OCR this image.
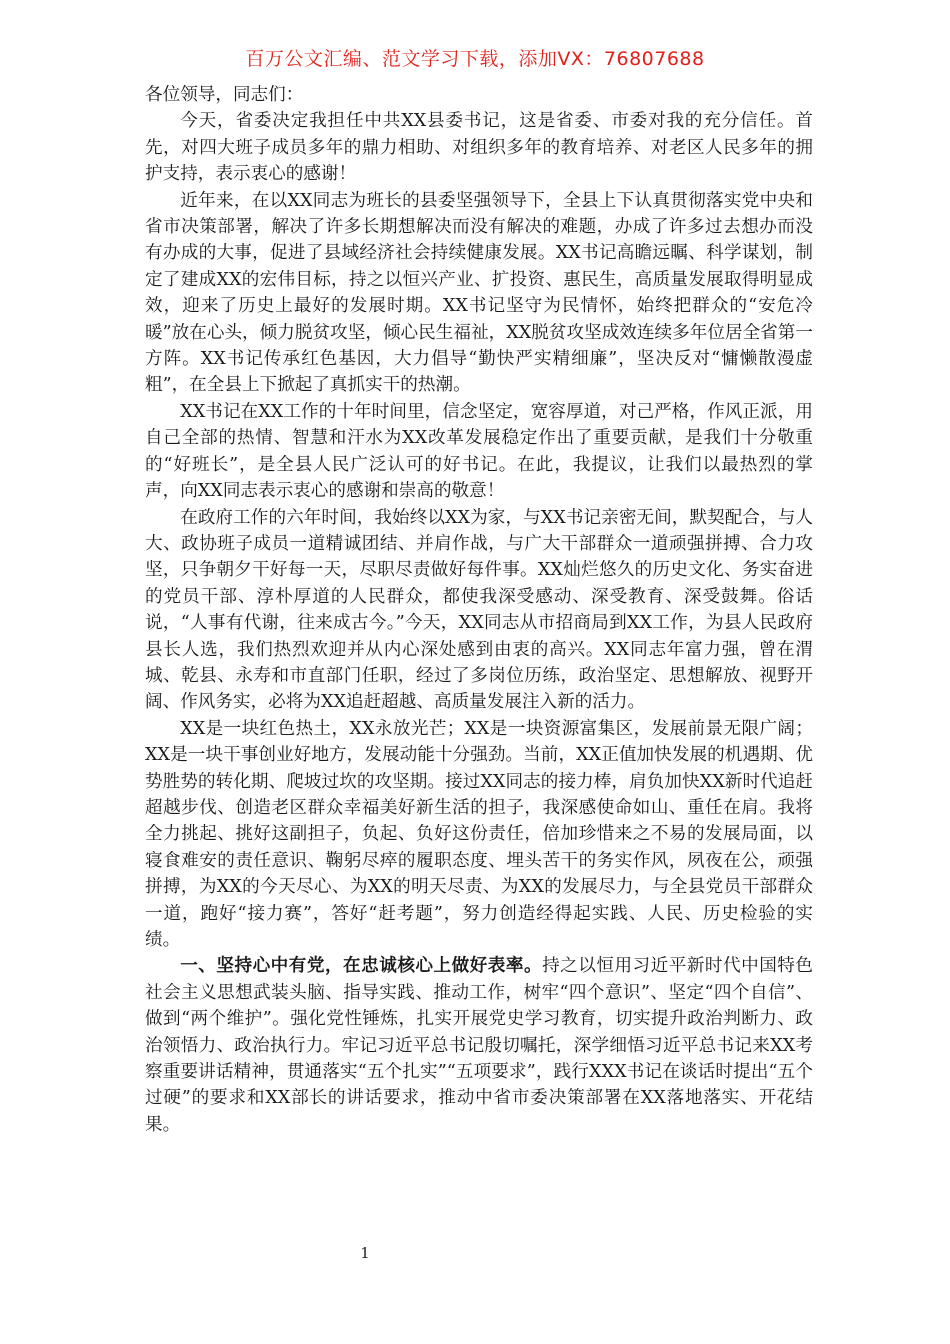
百万公文汇编、范文学习下载，添加VX：76807688

各位领导，同志们：

今天，省委决定我担任中共XX县委书记，这是省委、市委对我的充分信任。首先，对四大班子成员多年的鼎力相助、对组织多年的教育培养、对老区人民多年的拥护支持，表示衷心的感谢！

近年来，在以XX同志为班长的县委坚强领导下，全县上下认真贯彻落实党中央和省市决策部署，解决了许多长期想解决而没有解决的难题，办成了许多过去想办而没有办成的大事，促进了县域经济社会持续健康发展。XX书记高瞻远瞩、科学谋划，制定了建成XX的宏伟目标，持之以恒兴产业、扩投资、惠民生，高质量发展取得明显成效，迎来了历史上最好的发展时期。XX书记坚守为民情怀，始终把群众的“安危冷暖”放在心头，倾力脱贫攻坚，倾心民生福祉，XX脱贫攻坚成效连续多年位居全省第一方阵。XX书记传承红色基因，大力倡导“勤快严实精细廉”，坚决反对“慵懒散漫虚粗”，在全县上下掀起了真抓实干的热潮。

XX书记在XX工作的十年时间里，信念坚定，宽容厚道，对己严格，作风正派，用自己全部的热情、智慧和汗水为XX改革发展稳定作出了重要贡献，是我们十分敬重的“好班长”，是全县人民广泛认可的好书记。在此，我提议，让我们以最热烈的掌声，向XX同志表示衷心的感谢和崇高的敬意！

在政府工作的六年时间，我始终以XX为家，与XX书记亲密无间，默契配合，与人大、政协班子成员一道精诚团结、并肩作战，与广大干部群众一道顽强拼搏、合力攻坚，只争朝夕干好每一天，尽职尽责做好每件事。XX灿烂悠久的历史文化、务实奋进的党员干部、淳朴厚道的人民群众，都使我深受感动、深受教育、深受鼓舞。俗话说，“人事有代谢，往来成古今。”今天，XX同志从市招商局到XX工作，为县人民政府县长人选，我们热烈欢迎并从内心深处感到由衷的高兴。XX同志年富力强，曾在渭城、乾县、永寿和市直部门任职，经过了多岗位历练，政治坚定、思想解放、视野开阔、作风务实，必将为XX追赶超越、高质量发展注入新的活力。

XX是一块红色热土，XX永放光芒；XX是一块资源富集区，发展前景无限广阔；XX是一块干事创业好地方，发展动能十分强劲。当前，XX正值加快发展的机遇期、优势胜势的转化期、爬坡过坎的攻坚期。接过XX同志的接力棒，肩负加快XX新时代追赶超越步伐、创造老区群众幸福美好新生活的担子，我深感使命如山、重任在肩。我将全力挑起、挑好这副担子，负起、负好这份责任，倍加珍惜来之不易的发展局面，以寝食难安的责任意识、鞠躬尽瘁的履职态度、埋头苦干的务实作风，夙夜在公，顽强拼搏，为XX的今天尽心、为XX的明天尽责、为XX的发展尽力，与全县党员干部群众一道，跑好“接力赛”，答好“赶考题”，努力创造经得起实践、人民、历史检验的实绩。

一、坚持心中有党，在忠诚核心上做好表率。持之以恒用习近平新时代中国特色社会主义思想武装头脑、指导实践、推动工作，树牢“四个意识”、坚定“四个自信”、做到“两个维护”。强化党性锤炼，扎实开展党史学习教育，切实提升政治判断力、政治领悟力、政治执行力。牢记习近平总书记殷切嘱托，深学细悟习近平总书记来XX考察重要讲话精神，贯通落实“五个扎实”“五项要求”，践行XXX书记在谈话时提出“五个过硬”的要求和XX部长的讲话要求，推动中省市委决策部署在XX落地落实、开花结果。

1
